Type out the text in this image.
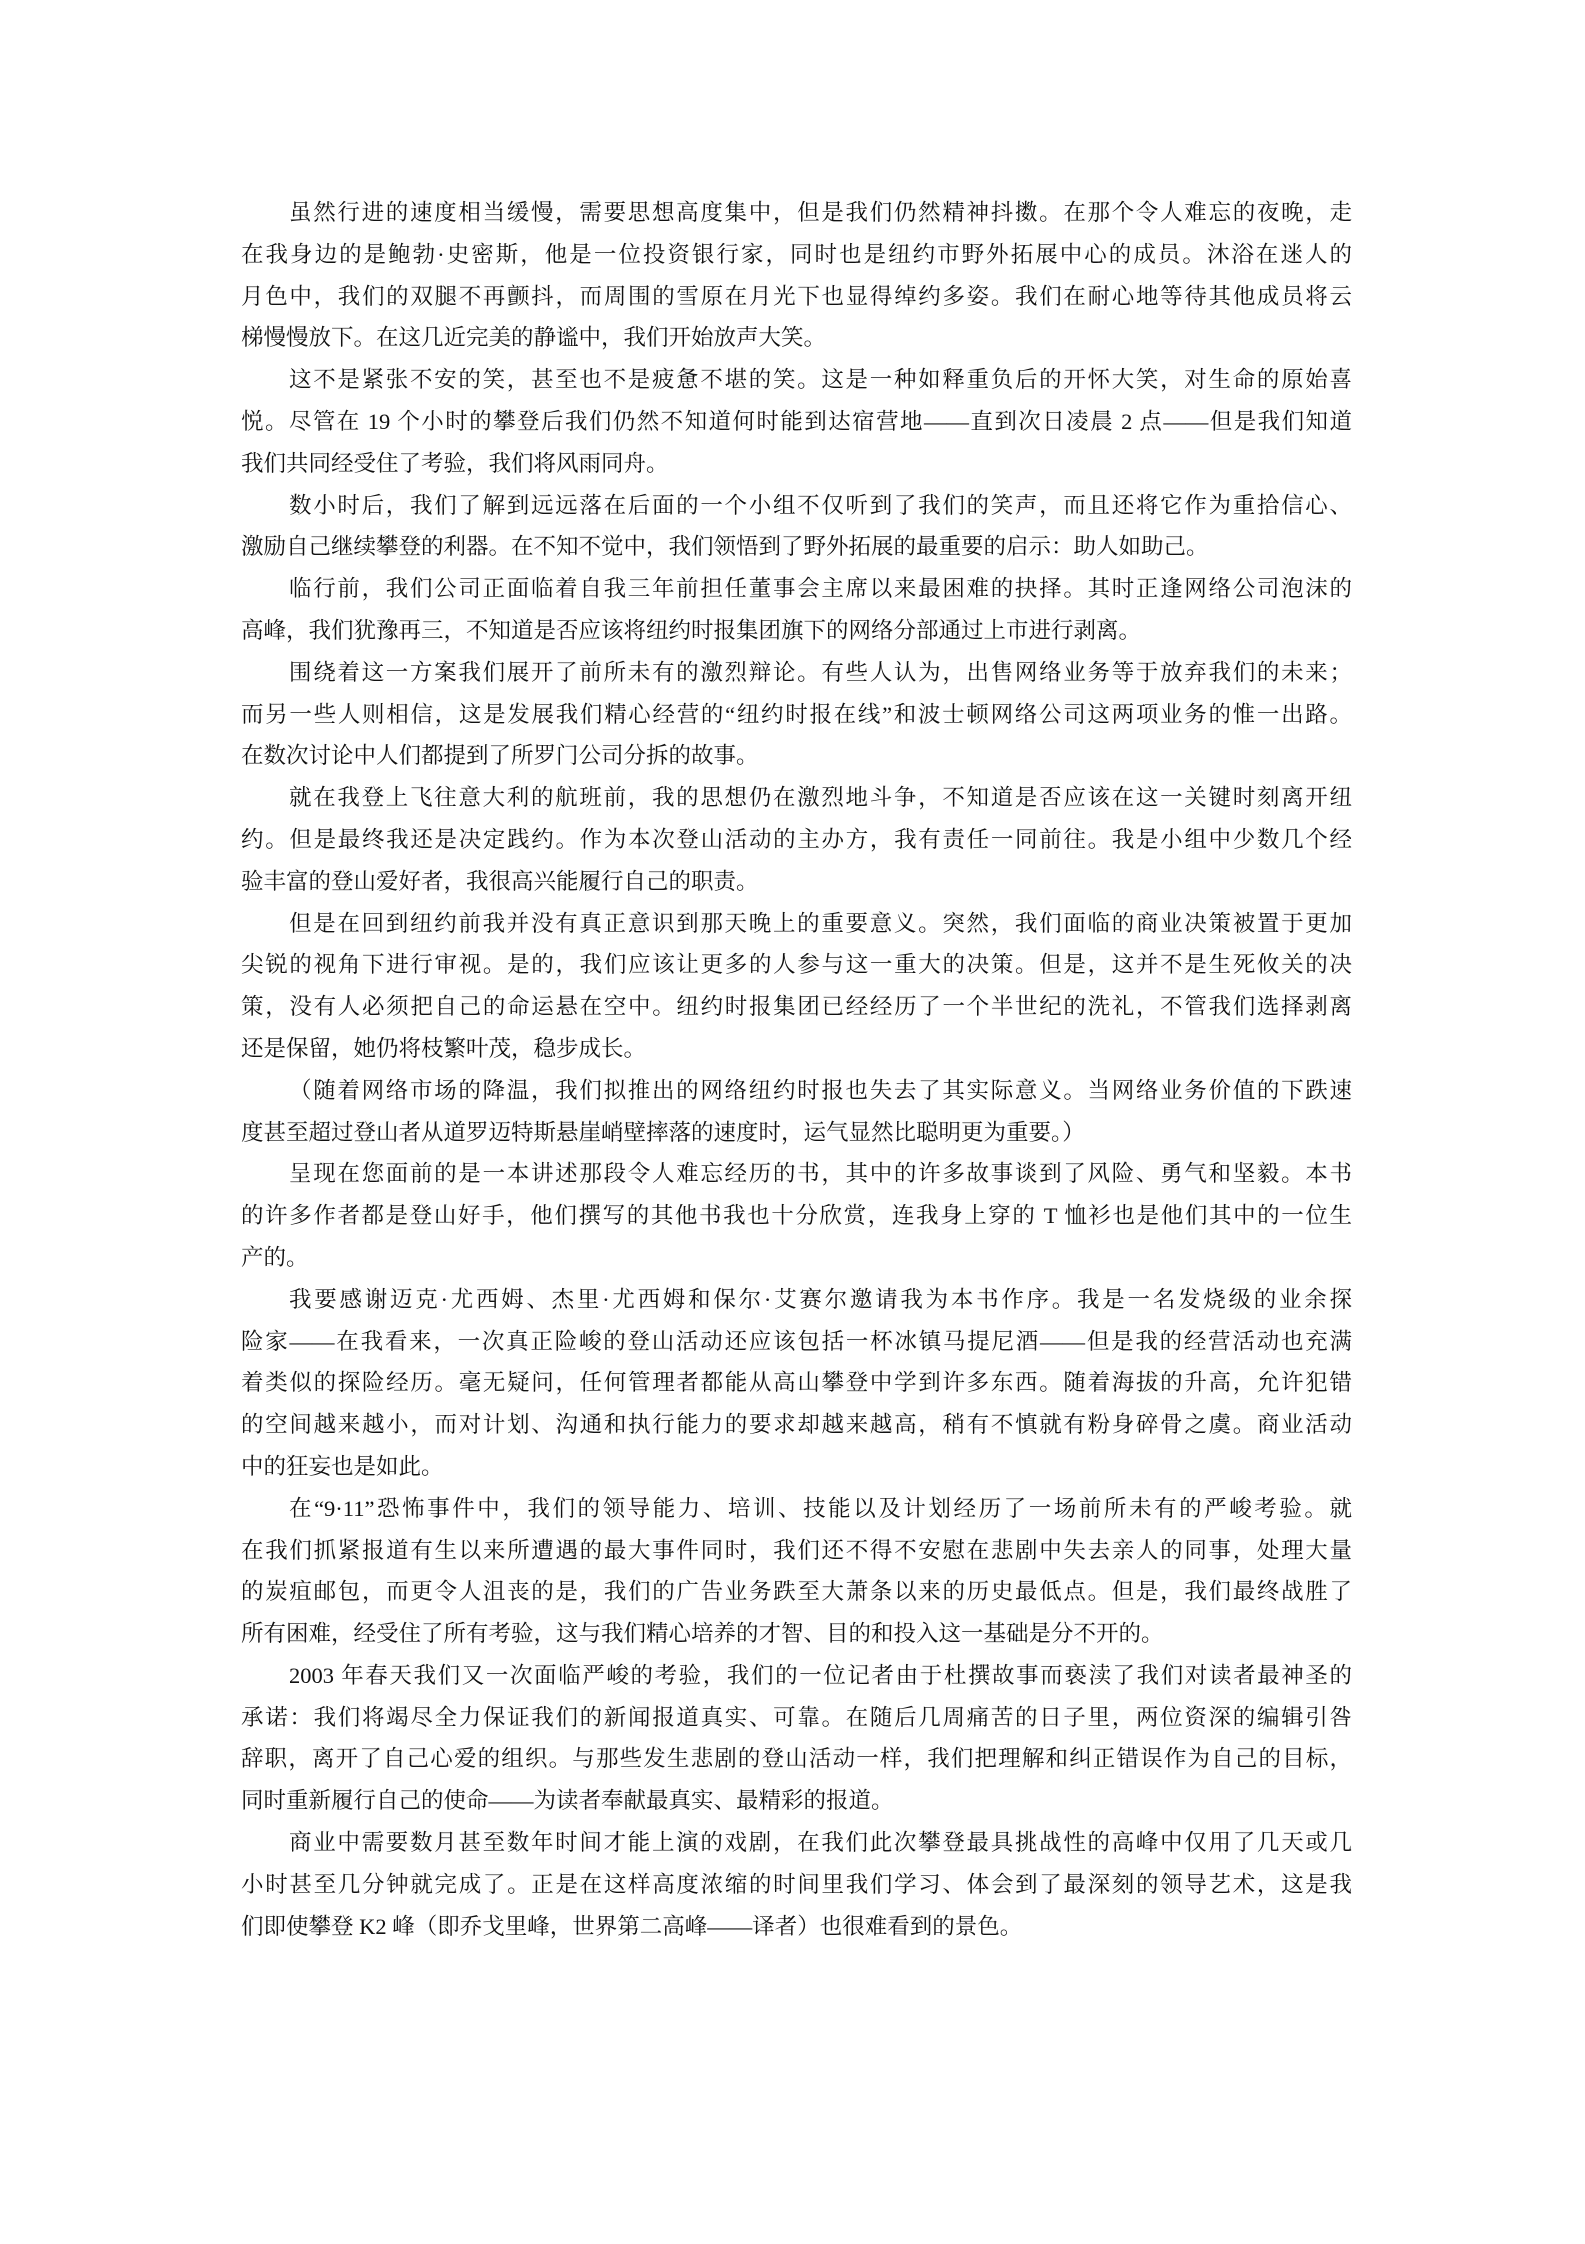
虽然行进的速度相当缓慢，需要思想高度集中，但是我们仍然精神抖擞。在那个令人难忘的夜晚，走
在我身边的是鲍勃·史密斯，他是一位投资银行家，同时也是纽约市野外拓展中心的成员。沐浴在迷人的
月色中，我们的双腿不再颤抖，而周围的雪原在月光下也显得绰约多姿。我们在耐心地等待其他成员将云
梯慢慢放下。在这几近完美的静谧中，我们开始放声大笑。
这不是紧张不安的笑，甚至也不是疲惫不堪的笑。这是一种如释重负后的开怀大笑，对生命的原始喜
悦。尽管在 19 个小时的攀登后我们仍然不知道何时能到达宿营地——直到次日凌晨 2 点——但是我们知道
我们共同经受住了考验，我们将风雨同舟。
数小时后，我们了解到远远落在后面的一个小组不仅听到了我们的笑声，而且还将它作为重拾信心、
激励自己继续攀登的利器。在不知不觉中，我们领悟到了野外拓展的最重要的启示：助人如助己。
临行前，我们公司正面临着自我三年前担任董事会主席以来最困难的抉择。其时正逢网络公司泡沫的
高峰，我们犹豫再三，不知道是否应该将纽约时报集团旗下的网络分部通过上市进行剥离。
围绕着这一方案我们展开了前所未有的激烈辩论。有些人认为，出售网络业务等于放弃我们的未来；
而另一些人则相信，这是发展我们精心经营的“纽约时报在线”和波士顿网络公司这两项业务的惟一出路。
在数次讨论中人们都提到了所罗门公司分拆的故事。
就在我登上飞往意大利的航班前，我的思想仍在激烈地斗争，不知道是否应该在这一关键时刻离开纽
约。但是最终我还是决定践约。作为本次登山活动的主办方，我有责任一同前往。我是小组中少数几个经
验丰富的登山爱好者，我很高兴能履行自己的职责。
但是在回到纽约前我并没有真正意识到那天晚上的重要意义。突然，我们面临的商业决策被置于更加
尖锐的视角下进行审视。是的，我们应该让更多的人参与这一重大的决策。但是，这并不是生死攸关的决
策，没有人必须把自己的命运悬在空中。纽约时报集团已经经历了一个半世纪的洗礼，不管我们选择剥离
还是保留，她仍将枝繁叶茂，稳步成长。
（随着网络市场的降温，我们拟推出的网络纽约时报也失去了其实际意义。当网络业务价值的下跌速
度甚至超过登山者从道罗迈特斯悬崖峭壁摔落的速度时，运气显然比聪明更为重要。）
呈现在您面前的是一本讲述那段令人难忘经历的书，其中的许多故事谈到了风险、勇气和坚毅。本书
的许多作者都是登山好手，他们撰写的其他书我也十分欣赏，连我身上穿的 T 恤衫也是他们其中的一位生
产的。
我要感谢迈克·尤西姆、杰里·尤西姆和保尔·艾赛尔邀请我为本书作序。我是一名发烧级的业余探
险家——在我看来，一次真正险峻的登山活动还应该包括一杯冰镇马提尼酒——但是我的经营活动也充满
着类似的探险经历。毫无疑问，任何管理者都能从高山攀登中学到许多东西。随着海拔的升高，允许犯错
的空间越来越小，而对计划、沟通和执行能力的要求却越来越高，稍有不慎就有粉身碎骨之虞。商业活动
中的狂妄也是如此。
在“9·11”恐怖事件中，我们的领导能力、培训、技能以及计划经历了一场前所未有的严峻考验。就
在我们抓紧报道有生以来所遭遇的最大事件同时，我们还不得不安慰在悲剧中失去亲人的同事，处理大量
的炭疽邮包，而更令人沮丧的是，我们的广告业务跌至大萧条以来的历史最低点。但是，我们最终战胜了
所有困难，经受住了所有考验，这与我们精心培养的才智、目的和投入这一基础是分不开的。
2003 年春天我们又一次面临严峻的考验，我们的一位记者由于杜撰故事而亵渎了我们对读者最神圣的
承诺：我们将竭尽全力保证我们的新闻报道真实、可靠。在随后几周痛苦的日子里，两位资深的编辑引咎
辞职，离开了自己心爱的组织。与那些发生悲剧的登山活动一样，我们把理解和纠正错误作为自己的目标，
同时重新履行自己的使命——为读者奉献最真实、最精彩的报道。
商业中需要数月甚至数年时间才能上演的戏剧，在我们此次攀登最具挑战性的高峰中仅用了几天或几
小时甚至几分钟就完成了。正是在这样高度浓缩的时间里我们学习、体会到了最深刻的领导艺术，这是我
们即使攀登 K2 峰（即乔戈里峰，世界第二高峰——译者）也很难看到的景色。
